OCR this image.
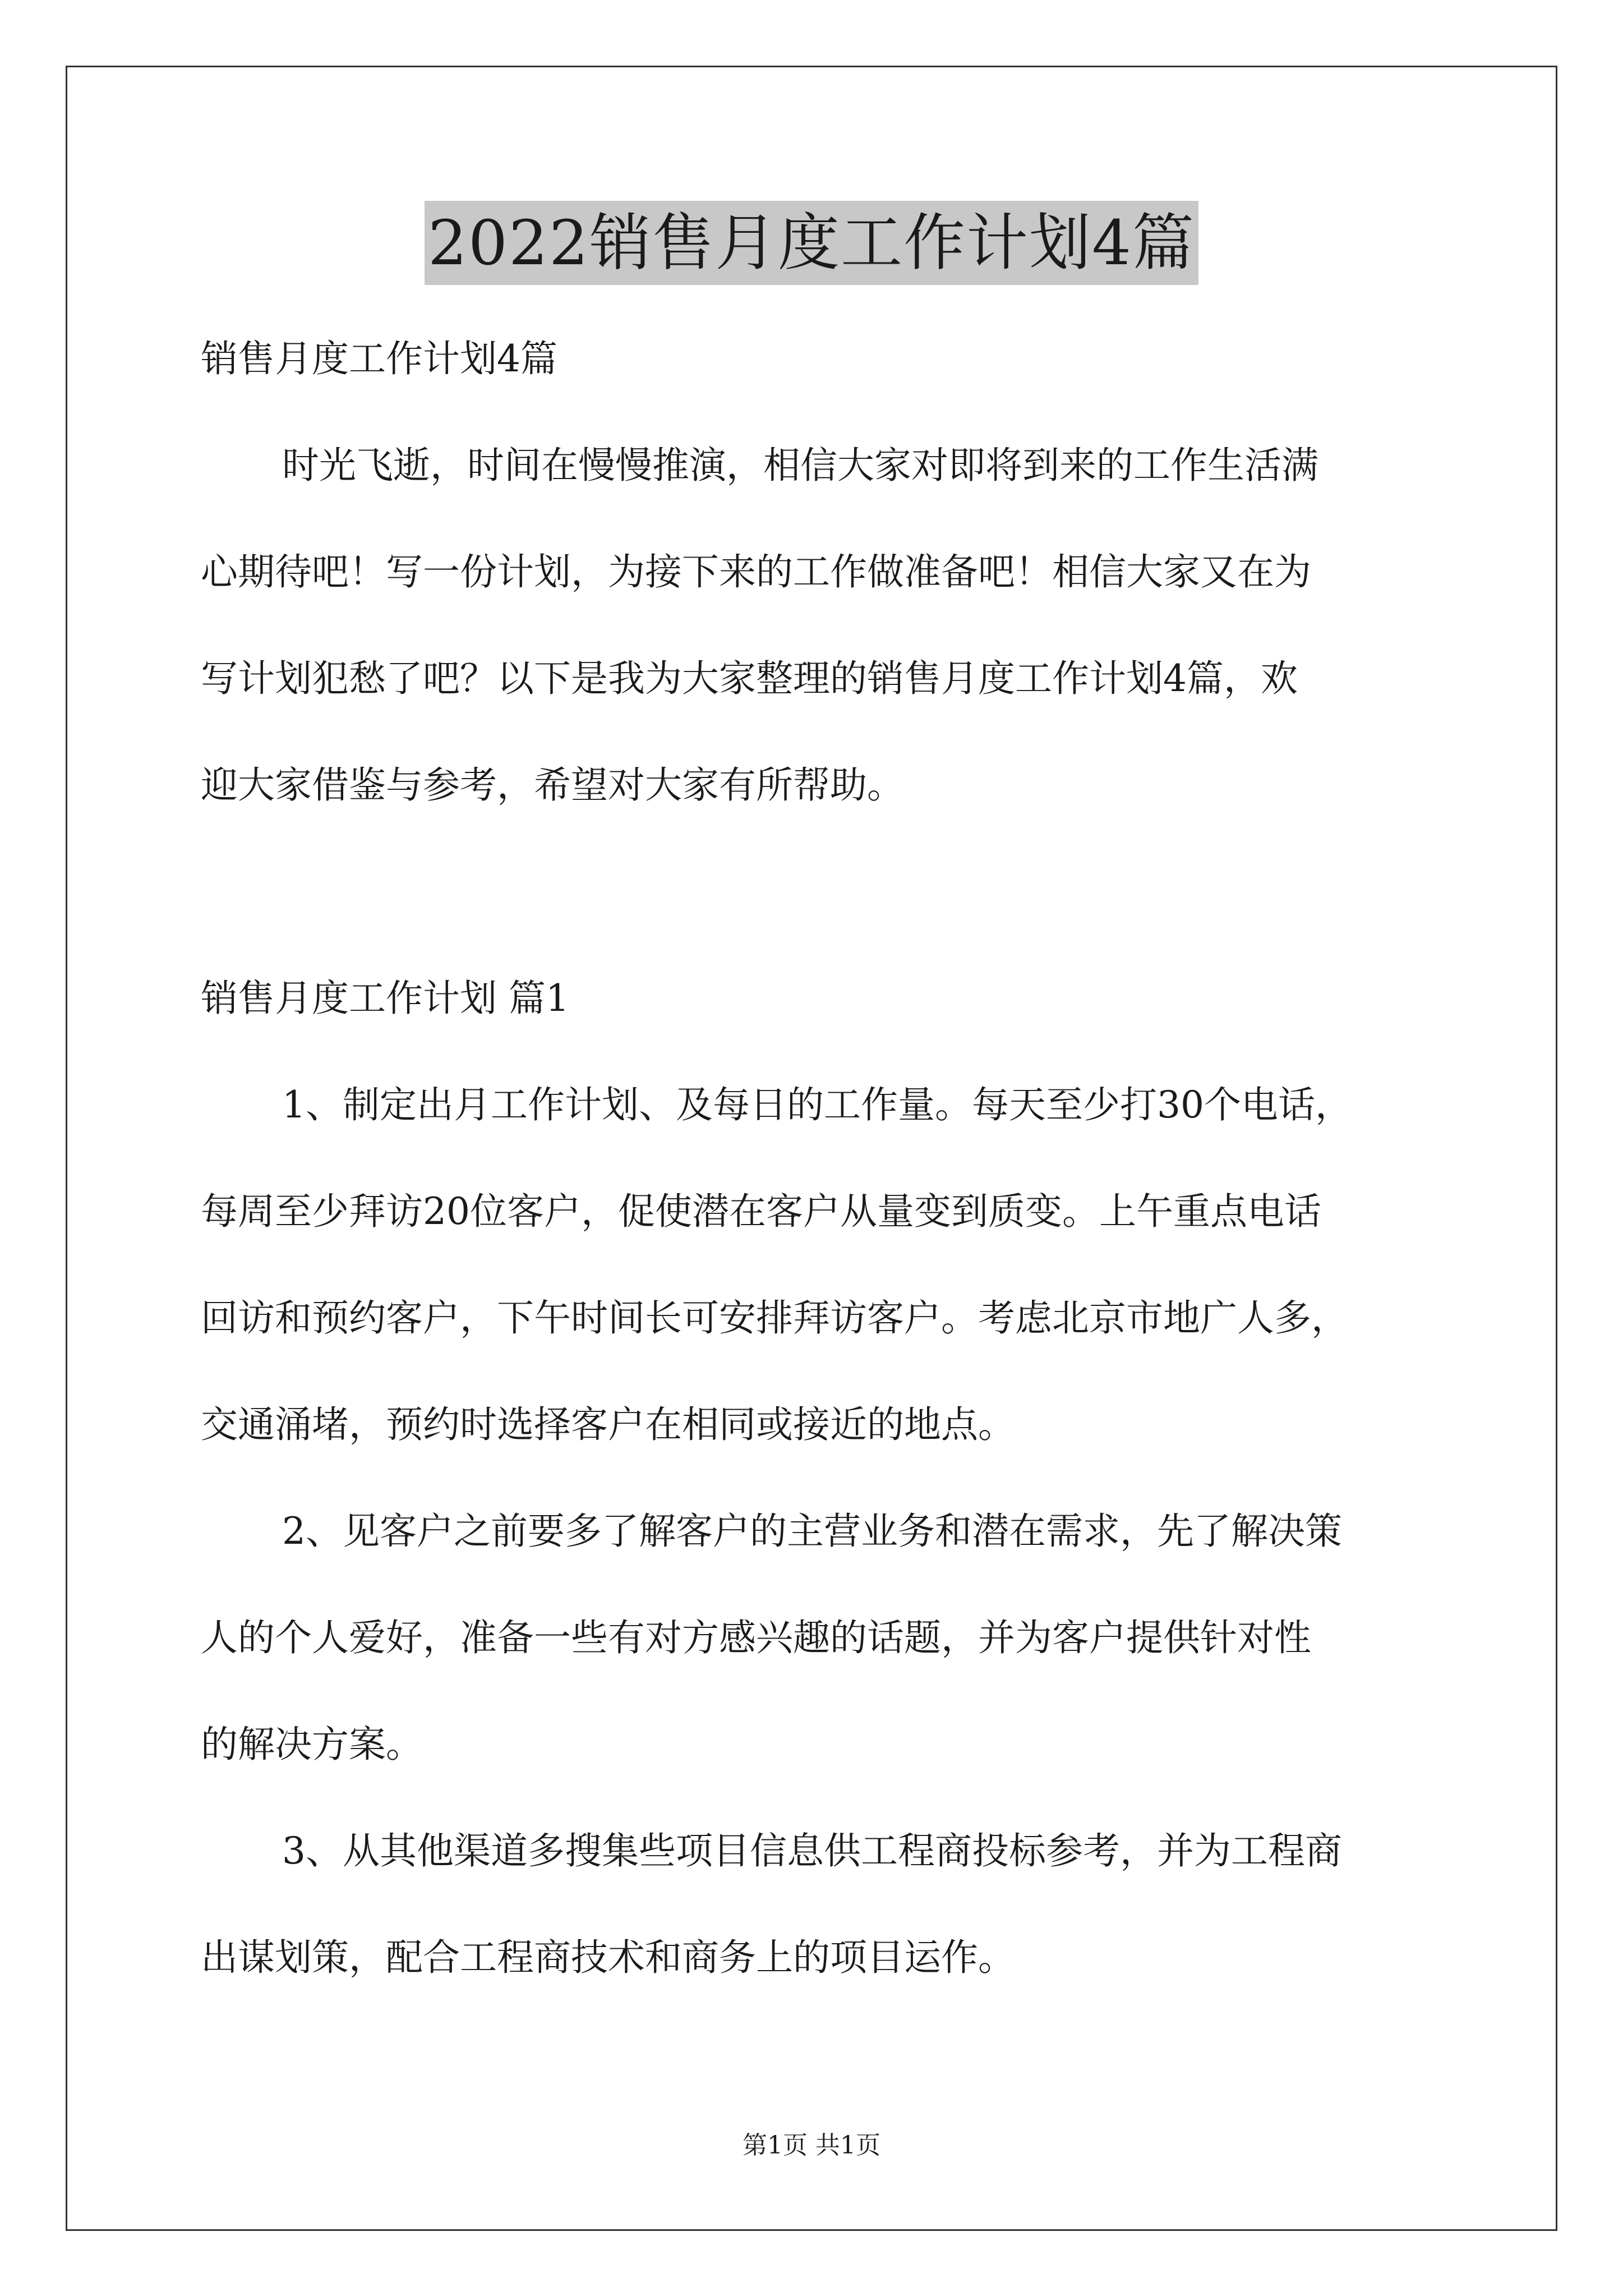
2022销售月度工作计划4篇
销售月度工作计划4篇
时光飞逝，时间在慢慢推演，相信大家对即将到来的工作生活满
心期待吧！写一份计划，为接下来的工作做准备吧！相信大家又在为
写计划犯愁了吧？以下是我为大家整理的销售月度工作计划4篇，欢
迎大家借鉴与参考，希望对大家有所帮助。
销售月度工作计划 篇1
1、制定出月工作计划、及每日的工作量。每天至少打30个电话，
每周至少拜访20位客户，促使潜在客户从量变到质变。上午重点电话
回访和预约客户，下午时间长可安排拜访客户。考虑北京市地广人多，
交通涌堵，预约时选择客户在相同或接近的地点。
2、见客户之前要多了解客户的主营业务和潜在需求，先了解决策
人的个人爱好，准备一些有对方感兴趣的话题，并为客户提供针对性
的解决方案。
3、从其他渠道多搜集些项目信息供工程商投标参考，并为工程商
出谋划策，配合工程商技术和商务上的项目运作。
第1页 共1页
